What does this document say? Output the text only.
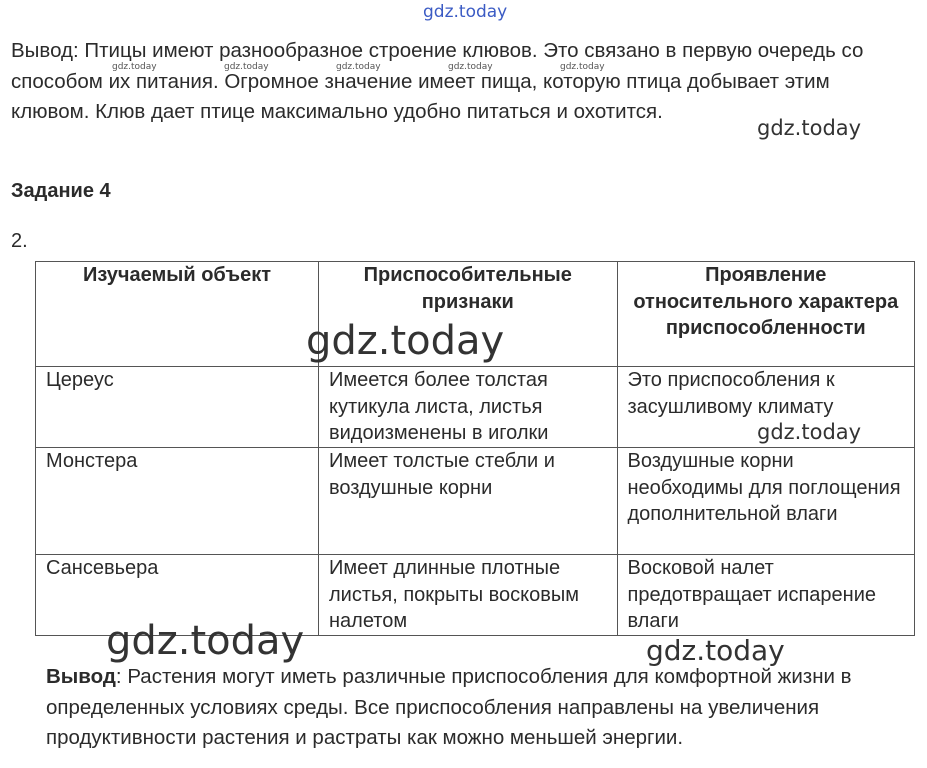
gdz.today
gdz.today	gdz.today	gdz.today	gdz.today	gdz.today

Вывод: Птицы имеют разнообразное строение клювов. Это связано в первую очередь со способом их питания. Огромное значение имеет пища, которую птица добывает этим клювом. Клюв дает птице максимально удобно питаться и охотится.

gdz.today
Задание 4
2.
Изучаемый объект	Приспособительные признаки	Проявление относительного характера приспособленности
Цереус	Имеется более толстая кутикула листа, листья видоизменены в иголки	Это приспособления к засушливому климату
Монстера	Имеет толстые стебли и воздушные корни	Воздушные корни необходимы для поглощения дополнительной влаги
Сансевьера	Имеет длинные плотные листья, покрыты восковым налетом	Восковой налет предотвращает испарение влаги
gdz.today
gdz.today
gdz.today	gdz.today

Вывод: Растения могут иметь различные приспособления для комфортной жизни в определенных условиях среды. Все приспособления направлены на увеличения продуктивности растения и растраты как можно меньшей энергии.
